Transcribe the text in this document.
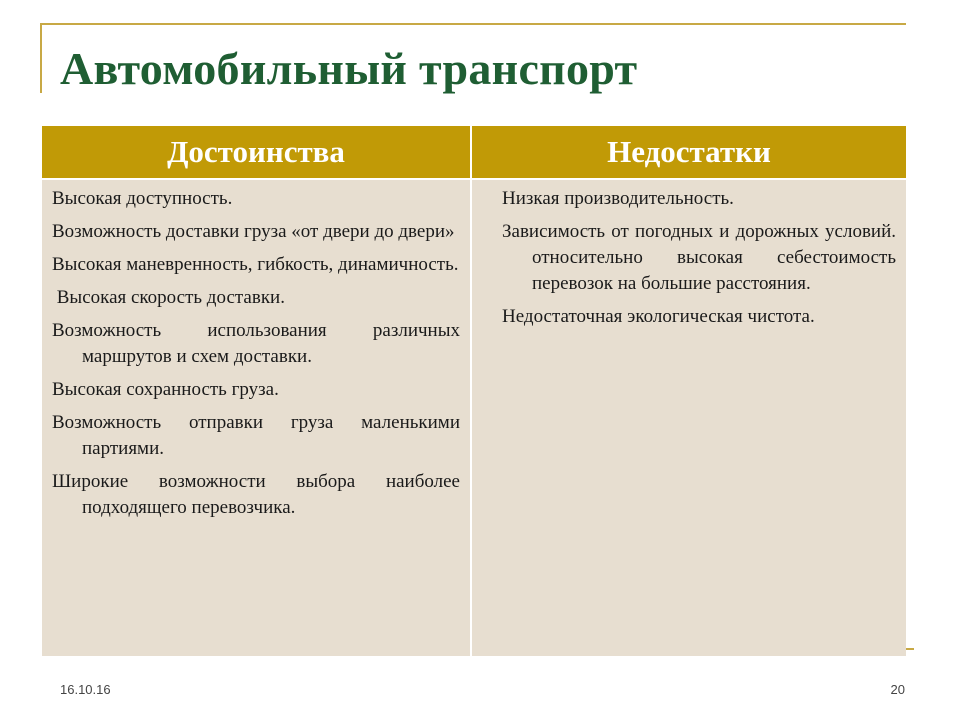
Автомобильный транспорт
Достоинства	Недостатки

Высокая доступность.

Возможность доставки груза «от двери до двери»

Высокая маневренность, гибкость, динамичность.

Высокая скорость доставки.

Возможность использования различных маршрутов и схем доставки.

Высокая сохранность груза.

Возможность отправки груза маленькими партиями.

Широкие возможности выбора наиболее подходящего перевозчика.

Низкая производительность.

Зависимость от погодных и дорожных условий. относительно высокая себестоимость перевозок на большие расстояния.

Недостаточная экологическая чистота.

16.10.16	20
